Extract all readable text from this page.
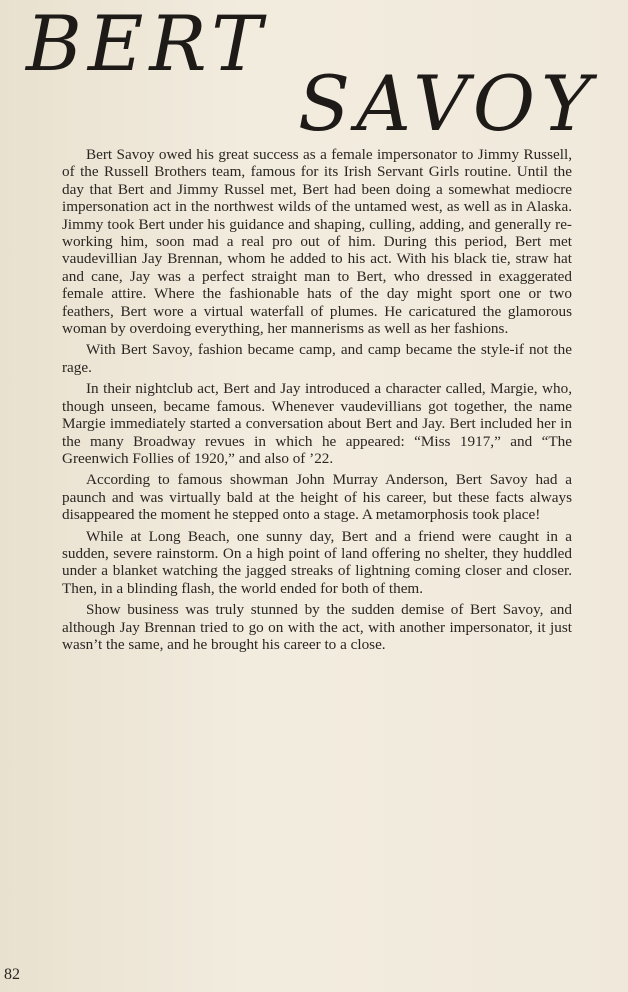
BERT
SAVOY

Bert Savoy owed his great success as a female impersonator to Jimmy Russell, of the Russell Brothers team, famous for its Irish Servant Girls routine. Until the day that Bert and Jimmy Russel met, Bert had been doing a somewhat mediocre impersonation act in the northwest wilds of the untamed west, as well as in Alaska. Jimmy took Bert under his guidance and shaping, culling, adding, and generally re-working him, soon mad a real pro out of him. During this period, Bert met vaudevillian Jay Brennan, whom he added to his act. With his black tie, straw hat and cane, Jay was a perfect straight man to Bert, who dressed in exaggerated female attire. Where the fashionable hats of the day might sport one or two feathers, Bert wore a virtual waterfall of plumes. He caricatured the glamorous woman by overdoing everything, her mannerisms as well as her fashions.

With Bert Savoy, fashion became camp, and camp became the style-if not the rage.

In their nightclub act, Bert and Jay introduced a character called, Margie, who, though unseen, became famous. Whenever vaudevillians got together, the name Margie immediately started a conversation about Bert and Jay. Bert included her in the many Broadway revues in which he appeared: “Miss 1917,” and “The Greenwich Follies of 1920,” and also of ’22.

According to famous showman John Murray Anderson, Bert Savoy had a paunch and was virtually bald at the height of his career, but these facts always disappeared the moment he stepped onto a stage. A metamorphosis took place!

While at Long Beach, one sunny day, Bert and a friend were caught in a sudden, severe rainstorm. On a high point of land offering no shelter, they huddled under a blanket watching the jagged streaks of lightning coming closer and closer. Then, in a blinding flash, the world ended for both of them.

Show business was truly stunned by the sudden demise of Bert Savoy, and although Jay Brennan tried to go on with the act, with another impersonator, it just wasn’t the same, and he brought his career to a close.

82
